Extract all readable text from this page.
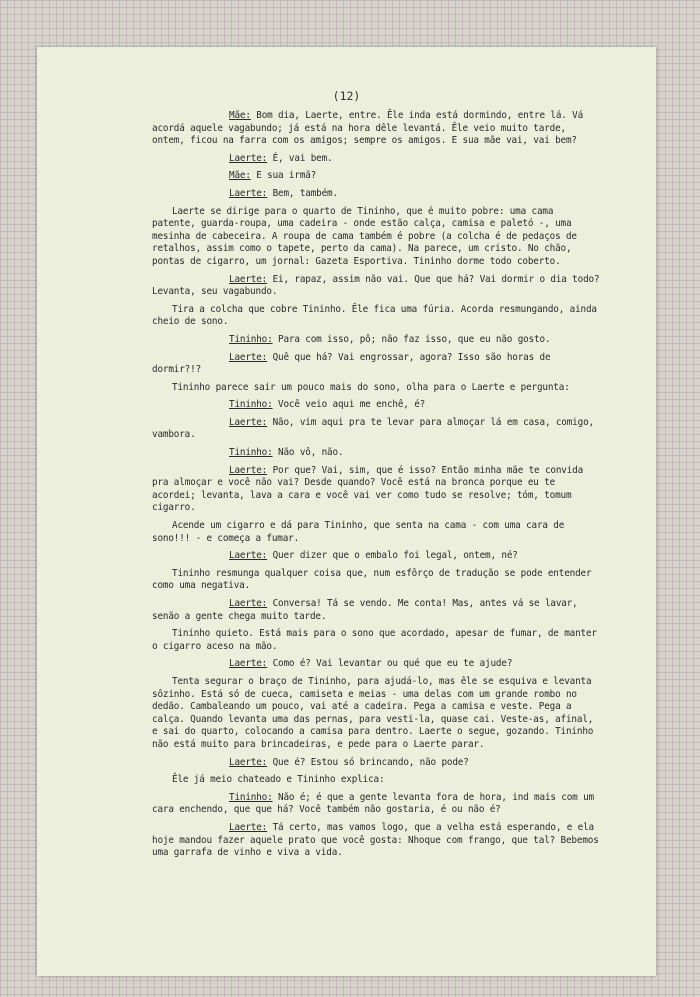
(12)

Mãe: Bom dia, Laerte, entre. Êle inda está dormindo, entre lá. Vá acordá aquele vagabundo; já está na hora dêle levantá. Êle veio muito tarde, ontem, ficou na farra com os amigos; sempre os amigos. E sua mãe vai, vai bem?

Laerte: É, vai bem.

Mãe: E sua irmã?

Laerte: Bem, também.

Laerte se dirige para o quarto de Tininho, que é muito pobre: uma cama patente, guarda-roupa, uma cadeira - onde estão calça, camisa e paletó -, uma mesinha de cabeceira. A roupa de cama também é pobre (a colcha é de pedaços de retalhos, assim como o tapete, perto da cama). Na parece, um cristo. No chão, pontas de cigarro, um jornal: Gazeta Esportiva. Tininho dorme todo coberto.

Laerte: Ei, rapaz, assim não vai. Que que há? Vai dormir o dia todo? Levanta, seu vagabundo.

Tira a colcha que cobre Tininho. Êle fica uma fúria. Acorda resmungando, ainda cheio de sono.

Tininho: Para com isso, pô; não faz isso, que eu não gosto.

Laerte: Quê que há? Vai engrossar, agora? Isso são horas de dormir?!?

Tininho parece sair um pouco mais do sono, olha para o Laerte e pergunta:

Tininho: Você veio aqui me enchê, é?

Laerte: Não, vim aqui pra te levar para almoçar lá em casa, comigo, vambora.

Tininho: Não vô, não.

Laerte: Por que? Vai, sim, que é isso? Então minha mãe te convida pra almoçar e você não vai? Desde quando? Você está na bronca porque eu te acordei; levanta, lava a cara e você vai ver como tudo se resolve; tóm, tomum cigarro.

Acende um cigarro e dá para Tininho, que senta na cama - com uma cara de sono!!! - e começa a fumar.

Laerte: Quer dizer que o embalo foi legal, ontem, né?

Tininho resmunga qualquer coisa que, num esfôrço de tradução se pode entender como uma negativa.

Laerte: Conversa! Tá se vendo. Me conta! Mas, antes vá se lavar, senão a gente chega muito tarde.

Tininho quieto. Está mais para o sono que acordado, apesar de fumar, de manter o cigarro aceso na mão.

Laerte: Como é? Vai levantar ou qué que eu te ajude?

Tenta segurar o braço de Tininho, para ajudá-lo, mas êle se esquiva e levanta sôzinho. Está só de cueca, camiseta e meias - uma delas com um grande rombo no dedão. Cambaleando um pouco, vai até a cadeira. Pega a camisa e veste. Pega a calça. Quando levanta uma das pernas, para vesti-la, quase cai. Veste-as, afinal, e sai do quarto, colocando a camisa para dentro. Laerte o segue, gozando. Tininho não está muito para brincadeiras, e pede para o Laerte parar.

Laerte: Que é? Estou só brincando, não pode?

Êle já meio chateado e Tininho explica:

Tininho: Não é; é que a gente levanta fora de hora, ind mais com um cara enchendo, que que há? Você também não gostaria, é ou não é?

Laerte: Tá certo, mas vamos logo, que a velha está esperando, e ela hoje mandou fazer aquele prato que você gosta: Nhoque com frango, que tal? Bebemos uma garrafa de vinho e viva a vida.
